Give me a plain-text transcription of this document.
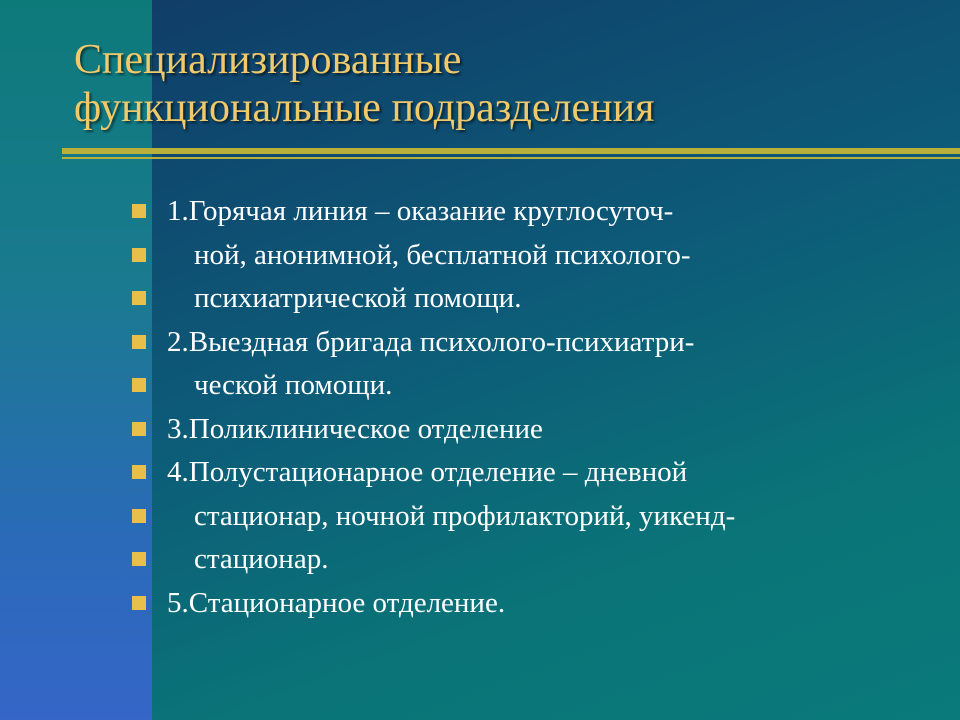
Специализированные
функциональные подразделения
1.Горячая линия – оказание круглосуточ-
ной, анонимной, бесплатной психолого-
психиатрической помощи.
2.Выездная бригада психолого-психиатри-
ческой помощи.
3.Поликлиническое отделение
4.Полустационарное отделение – дневной
стационар, ночной профилакторий, уикенд-
стационар.
5.Стационарное отделение.
